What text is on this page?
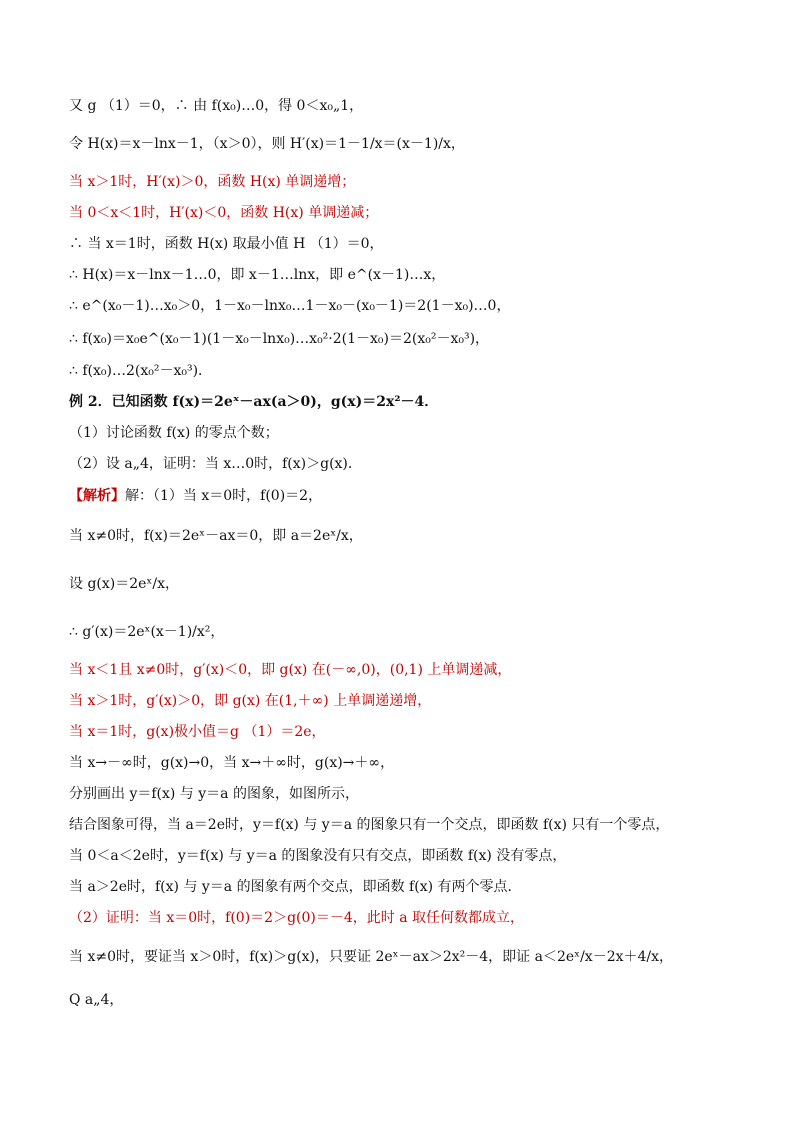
又 g （1）＝0，∴ 由 f(x₀)…0，得 0＜x₀„1，
令 H(x)＝x－lnx－1，（x＞0），则 H′(x)＝1－1/x＝(x－1)/x，
当 x＞1时，H′(x)＞0，函数 H(x) 单调递增；
当 0＜x＜1时，H′(x)＜0，函数 H(x) 单调递减；
∴ 当 x＝1时，函数 H(x) 取最小值 H （1）＝0，
∴ H(x)＝x－lnx－1…0，即 x－1…lnx，即 e^(x－1)…x，
∴ e^(x₀－1)…x₀＞0，1－x₀－lnx₀…1－x₀－(x₀－1)＝2(1－x₀)…0，
∴ f(x₀)＝x₀e^(x₀－1)(1－x₀－lnx₀)…x₀²·2(1－x₀)＝2(x₀²－x₀³)，
∴ f(x₀)…2(x₀²－x₀³)．
例 2．已知函数 f(x)＝2eˣ－ax(a＞0)，g(x)＝2x²－4．
（1）讨论函数 f(x) 的零点个数；
（2）设 a„4，证明：当 x…0时，f(x)＞g(x)．
【解析】解：（1）当 x＝0时，f(0)＝2，
当 x≠0时，f(x)＝2eˣ－ax＝0，即 a＝2eˣ/x，
设 g(x)＝2eˣ/x，
∴ g′(x)＝2eˣ(x－1)/x²，
当 x＜1且 x≠0时，g′(x)＜0，即 g(x) 在(－∞,0)，(0,1) 上单调递减，
当 x＞1时，g′(x)＞0，即 g(x) 在(1,＋∞) 上单调递递增，
当 x＝1时，g(x)极小值＝g （1）＝2e，
当 x→－∞时，g(x)→0，当 x→＋∞时，g(x)→＋∞，
分别画出 y＝f(x) 与 y＝a 的图象，如图所示，
结合图象可得，当 a＝2e时，y＝f(x) 与 y＝a 的图象只有一个交点，即函数 f(x) 只有一个零点，
当 0＜a＜2e时，y＝f(x) 与 y＝a 的图象没有只有交点，即函数 f(x) 没有零点，
当 a＞2e时，f(x) 与 y＝a 的图象有两个交点，即函数 f(x) 有两个零点．
（2）证明：当 x＝0时，f(0)＝2＞g(0)＝－4，此时 a 取任何数都成立，
当 x≠0时，要证当 x＞0时，f(x)＞g(x)，只要证 2eˣ－ax＞2x²－4，即证 a＜2eˣ/x－2x＋4/x，
Q a„4，
